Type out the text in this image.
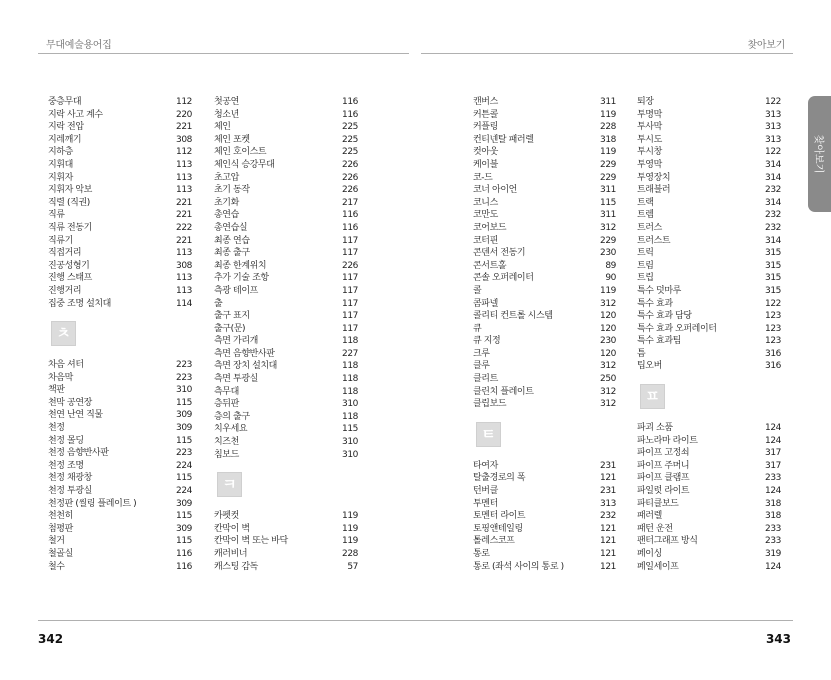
무대예술용어집	찾아보기
찾아보기
중층무대	112
지락 사고 계수	220
지락 전압	221
지레깨기	308
지하층	112
지휘대	113
지휘자	113
지휘자 악보	113
직렬 (직권)	221
직류	221
직류 전동기	222
직류기	221
직접거리	113
진공성형기	308
진행 스태프	113
진행거리	113
집중 조명 설치대	114
ㅊ
차음 셔터	223
차음막	223
책판	310
천막 공연장	115
천연 난연 직물	309
천정	309
천정 몰딩	115
천정 음향반사판	223
천정 조명	224
천정 채광창	115
천정 투광실	224
천정판 (씰링 플레이트 )	309
천천히	115
첨평판	309
철거	115
철골실	116
철수	116
첫공연	116
청소년	116
체인	225
체인 포켓	225
체인 호이스트	225
체인식 승강무대	226
초고압	226
초기 동작	226
초기화	217
총연습	116
총연습실	116
최종 연습	117
최종 출구	117
최종 한계위치	226
추가 기술 조항	117
측광 테이프	117
출	117
출구 표지	117
출구(문)	117
측면 가리개	118
측면 음향반사판	227
측면 장치 설치대	118
측면 투광실	118
측무대	118
층뒤판	310
층의 출구	118
치우세요	115
치즈천	310
침보드	310
ㅋ
카펫컷	119
칸막이 벽	119
칸막이 벽 또는 바닥	119
캐러비너	228
캐스팅 감독	57
캔버스	311
커튼콜	119
커플링	228
컨티넨탈 패러렐	318
컷아웃	119
케이블	229
코-드	229
코너 아이언	311
코니스	115
코만도	311
코어보드	312
코터핀	229
콘덴서 전동기	230
콘서트홀	89
콘솔 오퍼레이터	90
콜	119
콤파넬	312
콜리티 컨트롤 시스템	120
큐	120
큐 지정	230
크루	120
클루	312
클리트	250
클린치 플레이트	312
클립보드	312
ㅌ
타여자	231
탈출경로의 폭	121
턴버클	231
투멘터	313
토멘터 라이트	232
토핑앤테일링	121
톨레스코프	121
통로	121
통로 (좌석 사이의 통로 )	121
퇴장	122
투명막	313
투사막	313
투시도	313
투시창	122
투영막	314
투영장치	314
트래블러	232
트랙	314
트렘	232
트러스	232
트러스트	314
트릭	315
트림	315
트립	315
특수 덧마루	315
특수 효과	122
특수 효과 담당	123
특수 효과 오퍼레이터	123
특수 효과팀	123
틈	316
팁오버	316
ㅍ
파괴 소품	124
파노라마 라이트	124
파이프 고정쇠	317
파이프 주머니	317
파이프 클램프	233
파일럿 라이트	124
파티클보드	318
패러렐	318
패턴 운전	233
팬터그래프 방식	233
페이싱	319
페일세이프	124
342	343
